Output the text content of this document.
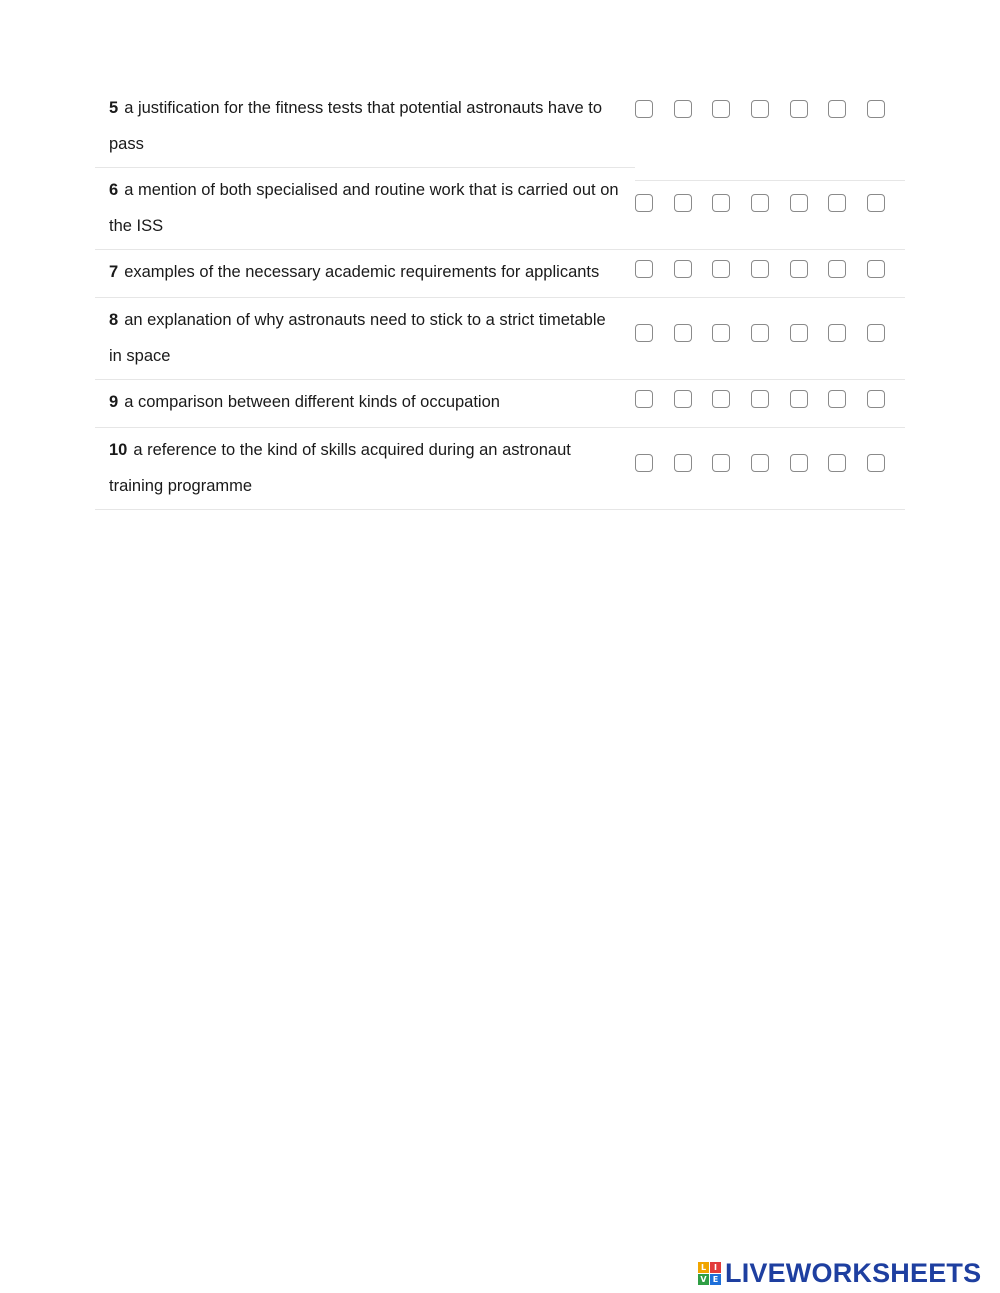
5 a justification for the fitness tests that potential astronauts have to pass
6 a mention of both specialised and routine work that is carried out on the ISS
7 examples of the necessary academic requirements for applicants
8 an explanation of why astronauts need to stick to a strict timetable in space
9 a comparison between different kinds of occupation
10 a reference to the kind of skills acquired during an astronaut training programme
L I
V E LIVEWORKSHEETS
